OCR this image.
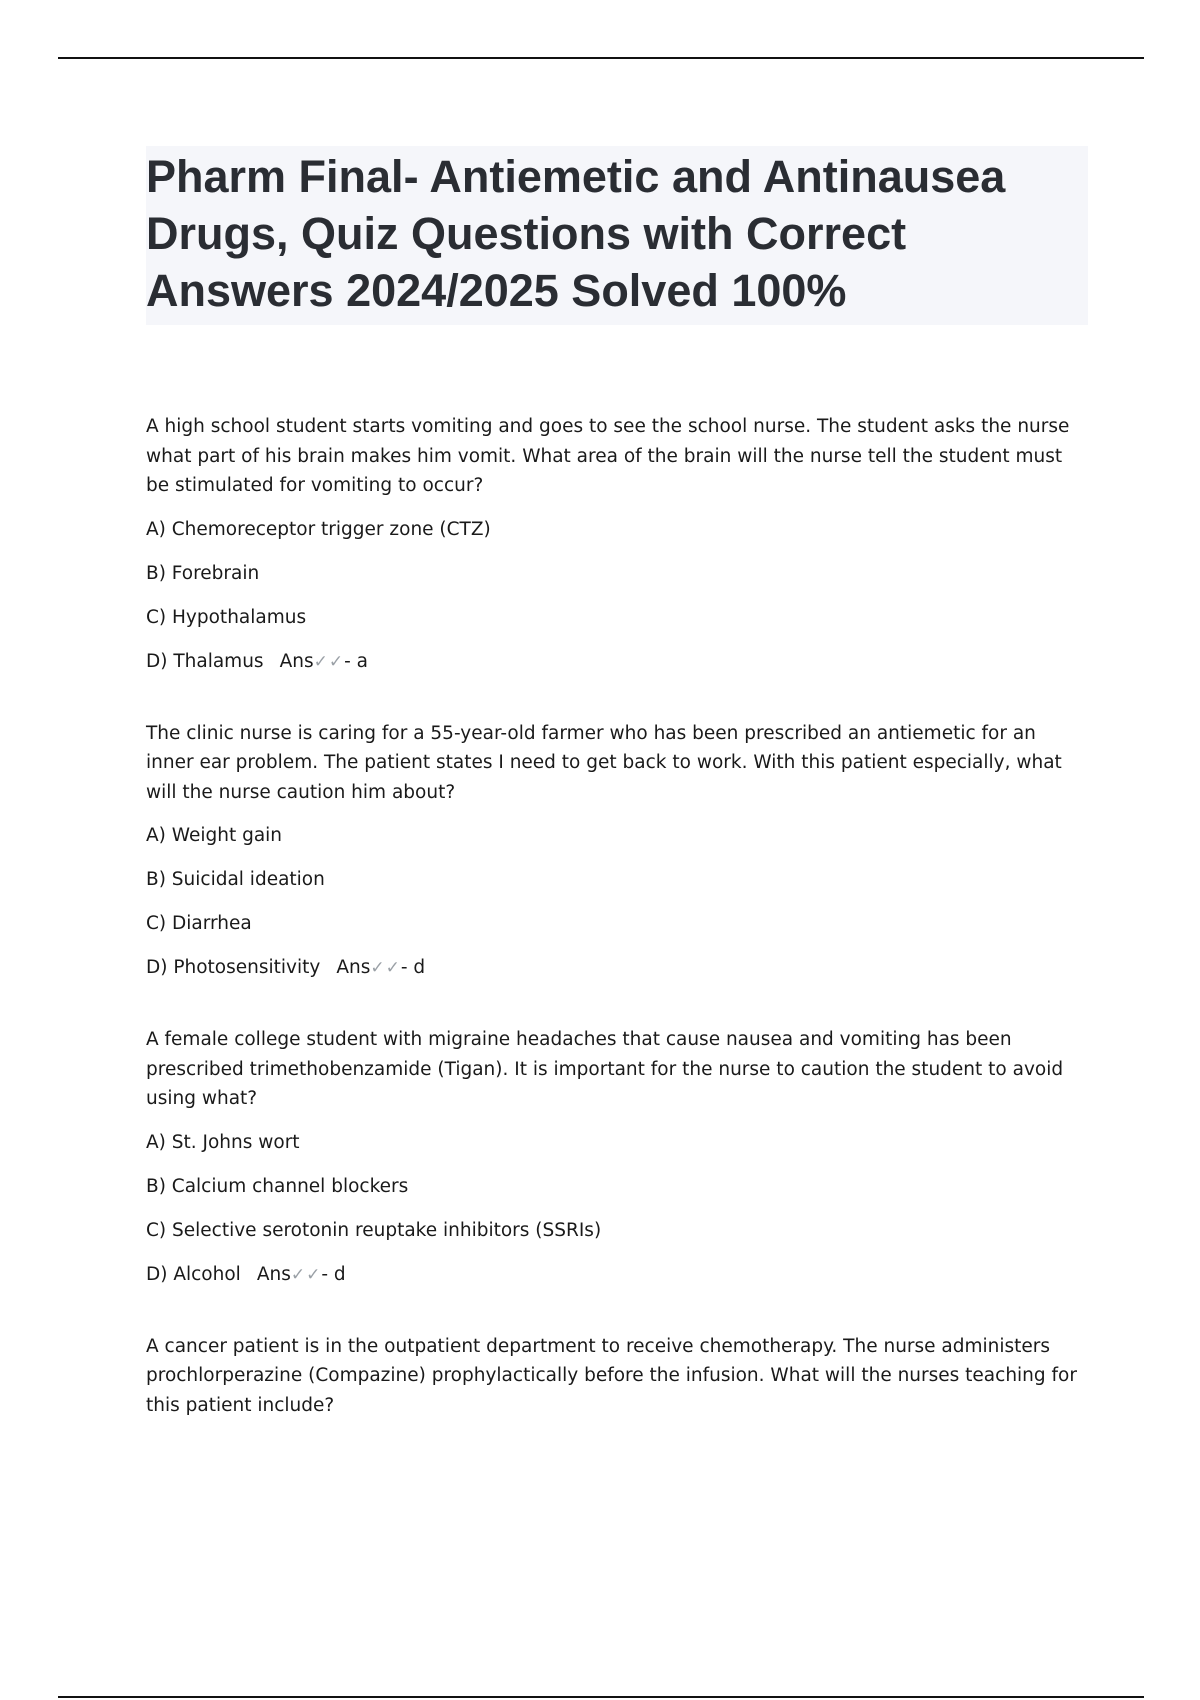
Pharm Final- Antiemetic and Antinausea Drugs, Quiz Questions with Correct Answers 2024/2025 Solved 100%

A high school student starts vomiting and goes to see the school nurse. The student asks the nurse what part of his brain makes him vomit. What area of the brain will the nurse tell the student must be stimulated for vomiting to occur?

A) Chemoreceptor trigger zone (CTZ)
B) Forebrain
C) Hypothalamus
D) Thalamus Ans✓✓- a

The clinic nurse is caring for a 55-year-old farmer who has been prescribed an antiemetic for an inner ear problem. The patient states I need to get back to work. With this patient especially, what will the nurse caution him about?

A) Weight gain
B) Suicidal ideation
C) Diarrhea
D) Photosensitivity Ans✓✓- d

A female college student with migraine headaches that cause nausea and vomiting has been prescribed trimethobenzamide (Tigan). It is important for the nurse to caution the student to avoid using what?

A) St. Johns wort
B) Calcium channel blockers
C) Selective serotonin reuptake inhibitors (SSRIs)
D) Alcohol Ans✓✓- d

A cancer patient is in the outpatient department to receive chemotherapy. The nurse administers prochlorperazine (Compazine) prophylactically before the infusion. What will the nurses teaching for this patient include?
